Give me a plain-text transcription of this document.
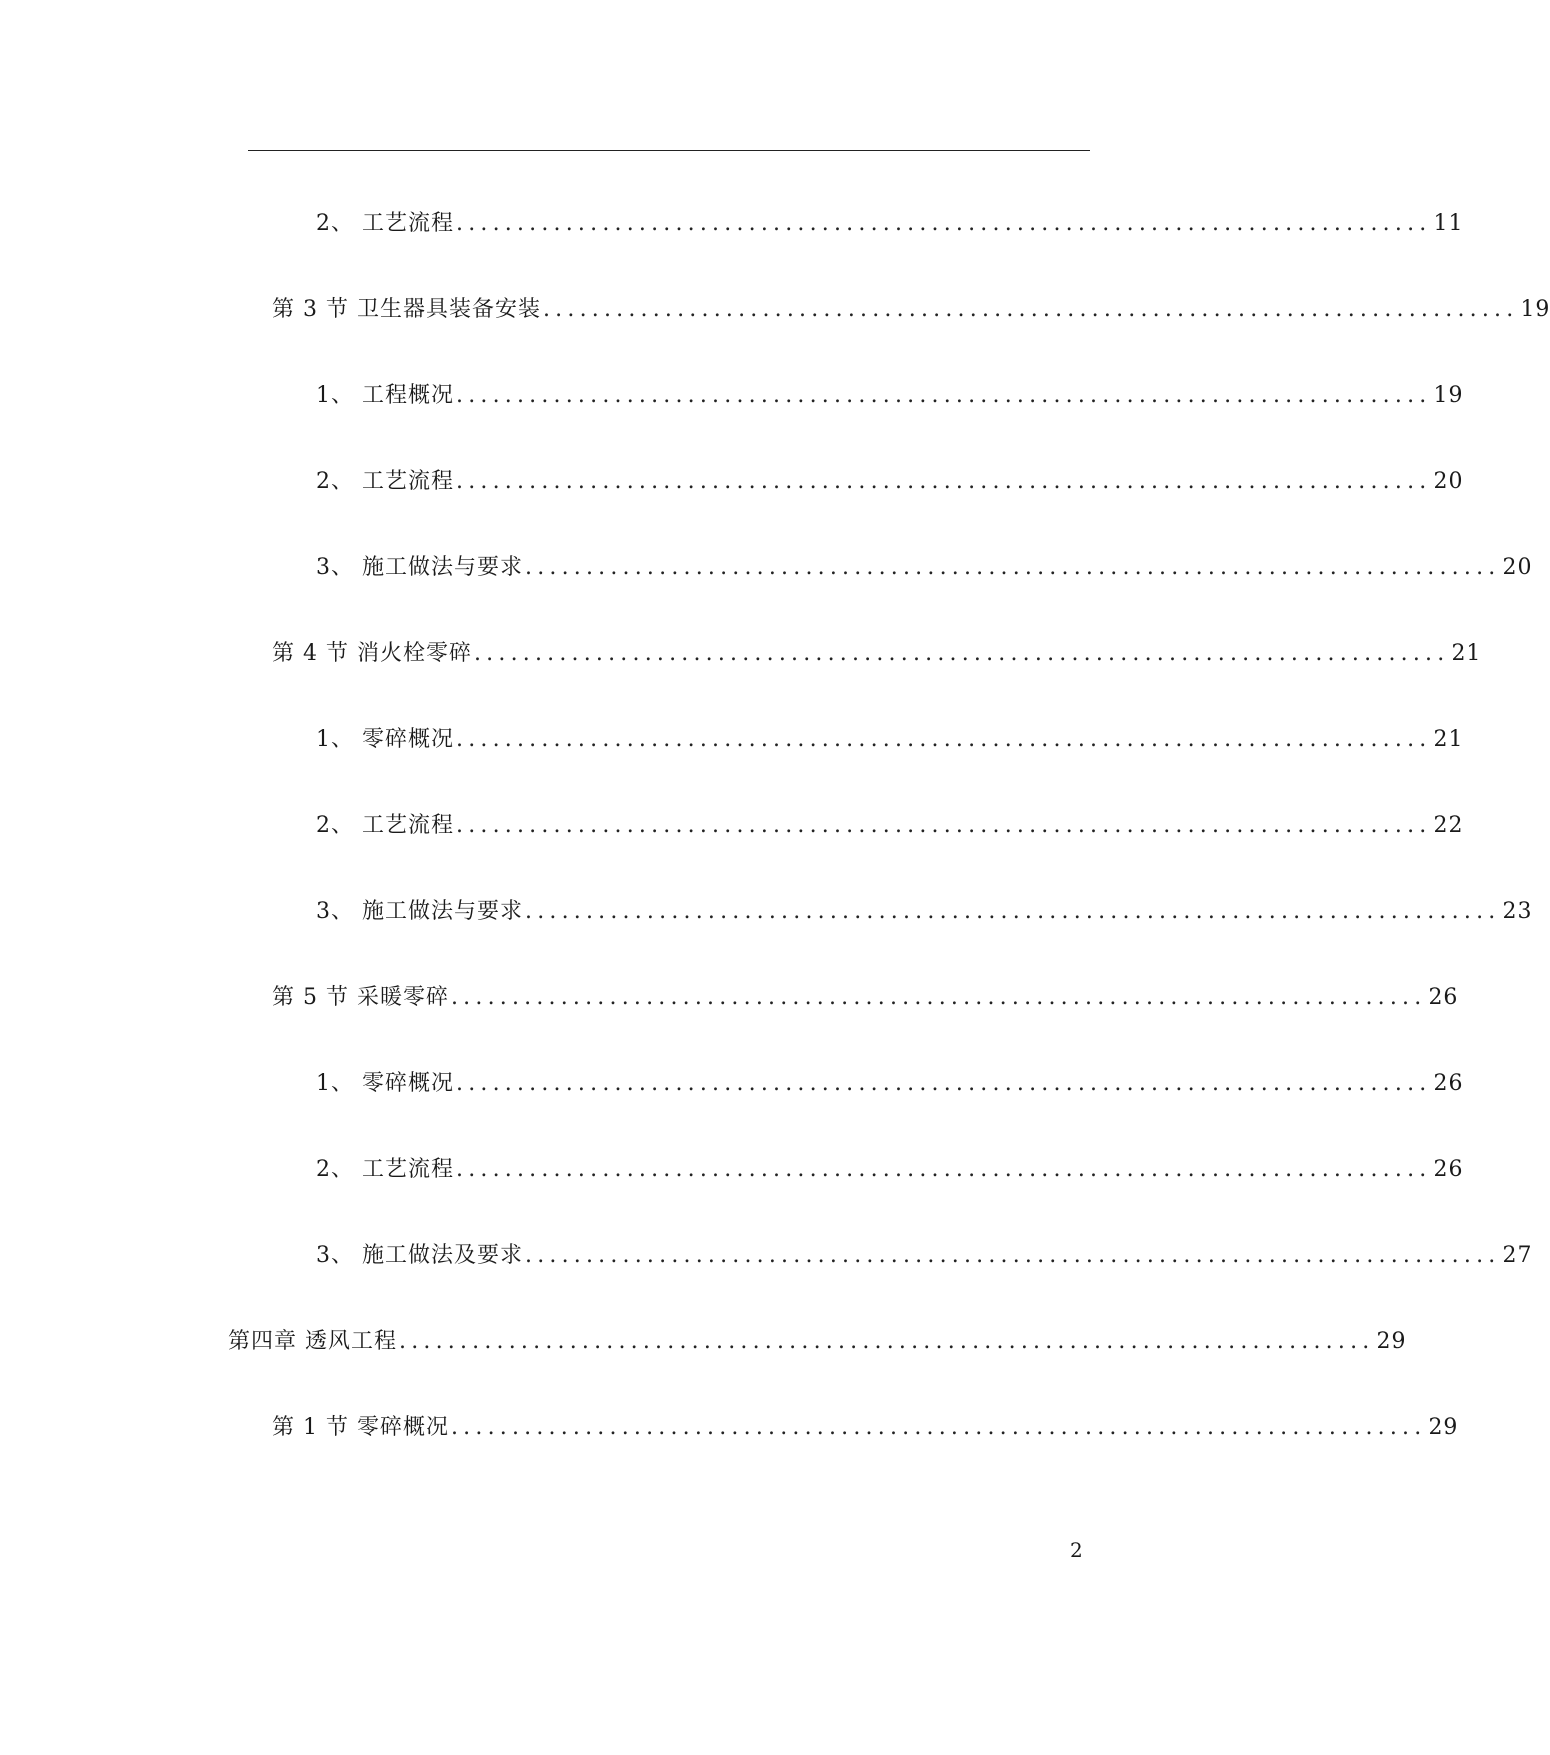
2、 工艺流程 ................................................................................ 11
第 3 节 卫生器具装备安装 ................................................................................ 19
1、 工程概况 ................................................................................ 19
2、 工艺流程 ................................................................................ 20
3、 施工做法与要求 ................................................................................ 20
第 4 节 消火栓零碎 ................................................................................ 21
1、 零碎概况 ................................................................................ 21
2、 工艺流程 ................................................................................ 22
3、 施工做法与要求 ................................................................................ 23
第 5 节 采暖零碎 ................................................................................ 26
1、 零碎概况 ................................................................................ 26
2、 工艺流程 ................................................................................ 26
3、 施工做法及要求 ................................................................................ 27
第四章 透风工程 ................................................................................ 29
第 1 节 零碎概况 ................................................................................ 29
2
